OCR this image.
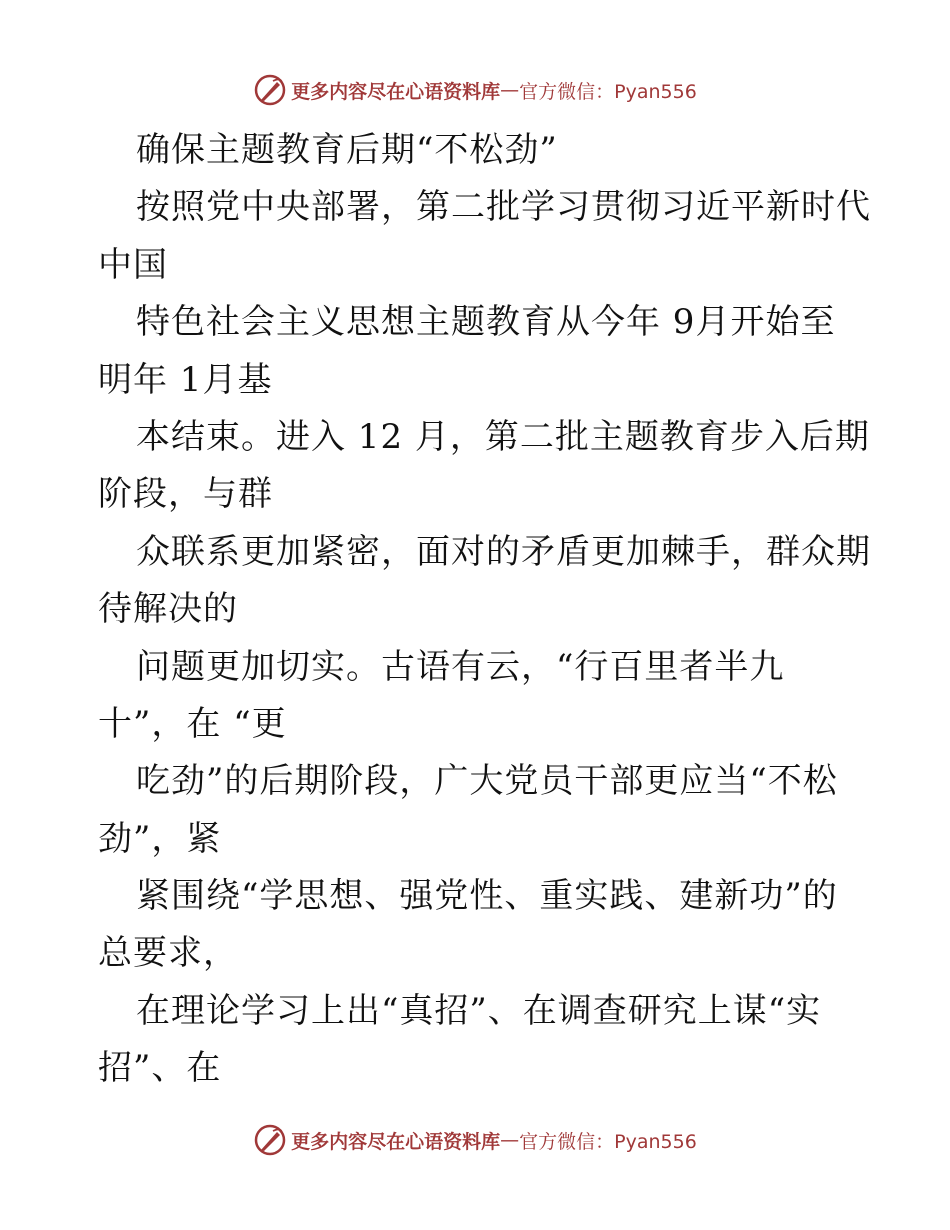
更多内容尽在心语资料库 — 官方微信：Pyan556
确保主题教育后期“不松劲”
按照党中央部署，第二批学习贯彻习近平新时代
中国
特色社会主义思想主题教育从今年 9月开始至
明年 1月基
本结束。进入 12 月，第二批主题教育步入后期
阶段，与群
众联系更加紧密，面对的矛盾更加棘手，群众期
待解决的
问题更加切实。古语有云，“行百里者半九
十”，在 “更
吃劲”的后期阶段，广大党员干部更应当“不松
劲”，紧
紧围绕“学思想、强党性、重实践、建新功”的
总要求，
在理论学习上出“真招”、在调查研究上谋“实
招”、在
更多内容尽在心语资料库 — 官方微信：Pyan556
